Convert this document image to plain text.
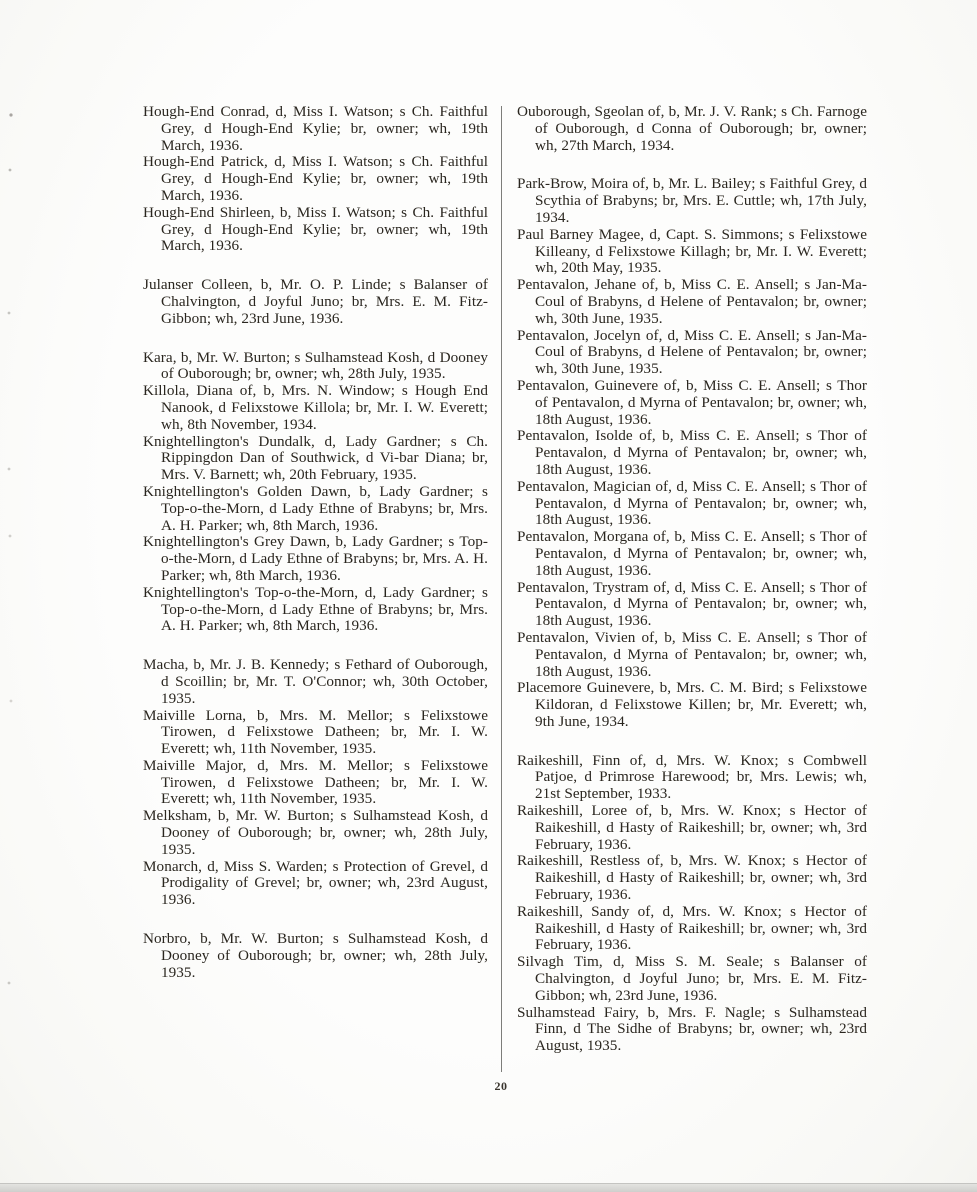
Hough-End Conrad, d, Miss I. Watson; s Ch. Faithful Grey, d Hough-End Kylie; br, owner; wh, 19th March, 1936.

Hough-End Patrick, d, Miss I. Watson; s Ch. Faithful Grey, d Hough-End Kylie; br, owner; wh, 19th March, 1936.

Hough-End Shirleen, b, Miss I. Watson; s Ch. Faithful Grey, d Hough-End Kylie; br, owner; wh, 19th March, 1936.

Julanser Colleen, b, Mr. O. P. Linde; s Balanser of Chalvington, d Joyful Juno; br, Mrs. E. M. Fitz-Gibbon; wh, 23rd June, 1936.

Kara, b, Mr. W. Burton; s Sulhamstead Kosh, d Dooney of Ouborough; br, owner; wh, 28th July, 1935.

Killola, Diana of, b, Mrs. N. Window; s Hough End Nanook, d Felixstowe Killola; br, Mr. I. W. Everett; wh, 8th November, 1934.

Knightellington's Dundalk, d, Lady Gardner; s Ch. Rippingdon Dan of Southwick, d Vi-bar Diana; br, Mrs. V. Barnett; wh, 20th February, 1935.

Knightellington's Golden Dawn, b, Lady Gardner; s Top-o-the-Morn, d Lady Ethne of Brabyns; br, Mrs. A. H. Parker; wh, 8th March, 1936.

Knightellington's Grey Dawn, b, Lady Gardner; s Top-o-the-Morn, d Lady Ethne of Brabyns; br, Mrs. A. H. Parker; wh, 8th March, 1936.

Knightellington's Top-o-the-Morn, d, Lady Gardner; s Top-o-the-Morn, d Lady Ethne of Brabyns; br, Mrs. A. H. Parker; wh, 8th March, 1936.

Macha, b, Mr. J. B. Kennedy; s Fethard of Ouborough, d Scoillin; br, Mr. T. O'Connor; wh, 30th October, 1935.

Maiville Lorna, b, Mrs. M. Mellor; s Felixstowe Tirowen, d Felixstowe Datheen; br, Mr. I. W. Everett; wh, 11th November, 1935.

Maiville Major, d, Mrs. M. Mellor; s Felixstowe Tirowen, d Felixstowe Datheen; br, Mr. I. W. Everett; wh, 11th November, 1935.

Melksham, b, Mr. W. Burton; s Sulhamstead Kosh, d Dooney of Ouborough; br, owner; wh, 28th July, 1935.

Monarch, d, Miss S. Warden; s Protection of Grevel, d Prodigality of Grevel; br, owner; wh, 23rd August, 1936.

Norbro, b, Mr. W. Burton; s Sulhamstead Kosh, d Dooney of Ouborough; br, owner; wh, 28th July, 1935.

Ouborough, Sgeolan of, b, Mr. J. V. Rank; s Ch. Farnoge of Ouborough, d Conna of Ouborough; br, owner; wh, 27th March, 1934.

Park-Brow, Moira of, b, Mr. L. Bailey; s Faithful Grey, d Scythia of Brabyns; br, Mrs. E. Cuttle; wh, 17th July, 1934.

Paul Barney Magee, d, Capt. S. Simmons; s Felixstowe Killeany, d Felixstowe Killagh; br, Mr. I. W. Everett; wh, 20th May, 1935.

Pentavalon, Jehane of, b, Miss C. E. Ansell; s Jan-Ma-Coul of Brabyns, d Helene of Pentavalon; br, owner; wh, 30th June, 1935.

Pentavalon, Jocelyn of, d, Miss C. E. Ansell; s Jan-Ma-Coul of Brabyns, d Helene of Pentavalon; br, owner; wh, 30th June, 1935.

Pentavalon, Guinevere of, b, Miss C. E. Ansell; s Thor of Pentavalon, d Myrna of Pentavalon; br, owner; wh, 18th August, 1936.

Pentavalon, Isolde of, b, Miss C. E. Ansell; s Thor of Pentavalon, d Myrna of Pentavalon; br, owner; wh, 18th August, 1936.

Pentavalon, Magician of, d, Miss C. E. Ansell; s Thor of Pentavalon, d Myrna of Pentavalon; br, owner; wh, 18th August, 1936.

Pentavalon, Morgana of, b, Miss C. E. Ansell; s Thor of Pentavalon, d Myrna of Pentavalon; br, owner; wh, 18th August, 1936.

Pentavalon, Trystram of, d, Miss C. E. Ansell; s Thor of Pentavalon, d Myrna of Pentavalon; br, owner; wh, 18th August, 1936.

Pentavalon, Vivien of, b, Miss C. E. Ansell; s Thor of Pentavalon, d Myrna of Pentavalon; br, owner; wh, 18th August, 1936.

Placemore Guinevere, b, Mrs. C. M. Bird; s Felixstowe Kildoran, d Felixstowe Killen; br, Mr. Everett; wh, 9th June, 1934.

Raikeshill, Finn of, d, Mrs. W. Knox; s Combwell Patjoe, d Primrose Harewood; br, Mrs. Lewis; wh, 21st September, 1933.

Raikeshill, Loree of, b, Mrs. W. Knox; s Hector of Raikeshill, d Hasty of Raikeshill; br, owner; wh, 3rd February, 1936.

Raikeshill, Restless of, b, Mrs. W. Knox; s Hector of Raikeshill, d Hasty of Raikeshill; br, owner; wh, 3rd February, 1936.

Raikeshill, Sandy of, d, Mrs. W. Knox; s Hector of Raikeshill, d Hasty of Raikeshill; br, owner; wh, 3rd February, 1936.

Silvagh Tim, d, Miss S. M. Seale; s Balanser of Chalvington, d Joyful Juno; br, Mrs. E. M. Fitz-Gibbon; wh, 23rd June, 1936.

Sulhamstead Fairy, b, Mrs. F. Nagle; s Sulhamstead Finn, d The Sidhe of Brabyns; br, owner; wh, 23rd August, 1935.

20
